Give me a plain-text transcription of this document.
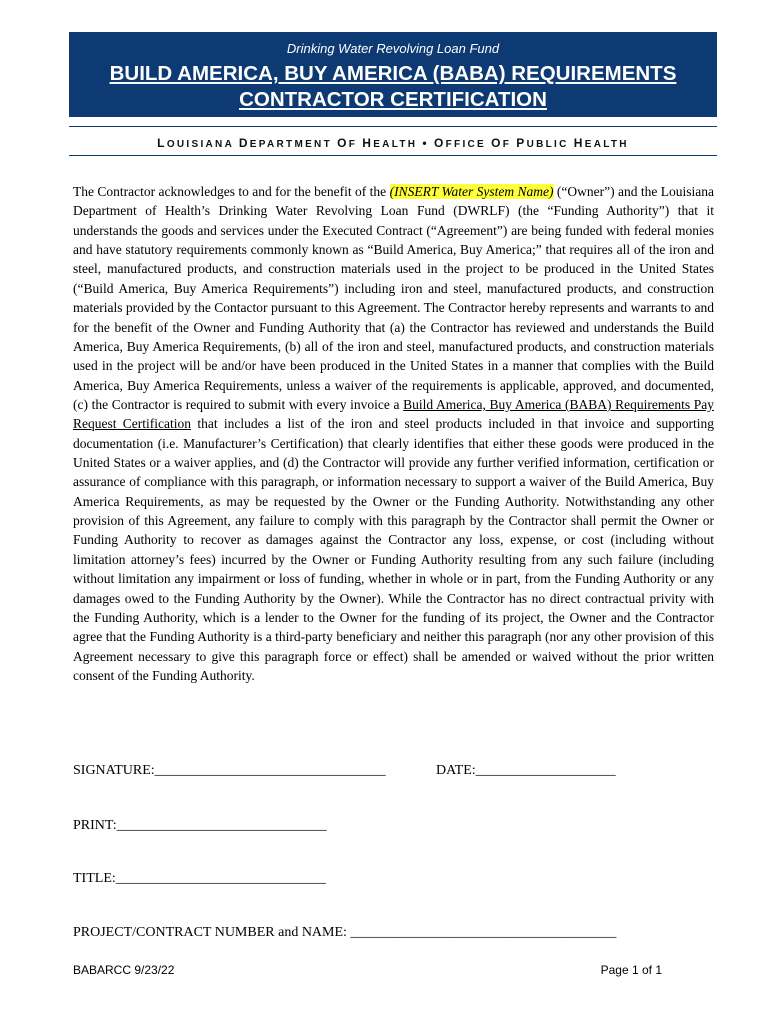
Drinking Water Revolving Loan Fund
BUILD AMERICA, BUY AMERICA (BABA) REQUIREMENTS
CONTRACTOR CERTIFICATION
LOUISIANA DEPARTMENT OF HEALTH • OFFICE OF PUBLIC HEALTH
The Contractor acknowledges to and for the benefit of the (INSERT Water System Name) (“Owner”) and the Louisiana Department of Health’s Drinking Water Revolving Loan Fund (DWRLF) (the “Funding Authority”) that it understands the goods and services under the Executed Contract (“Agreement”) are being funded with federal monies and have statutory requirements commonly known as “Build America, Buy America;” that requires all of the iron and steel, manufactured products, and construction materials used in the project to be produced in the United States (“Build America, Buy America Requirements”) including iron and steel, manufactured products, and construction materials provided by the Contactor pursuant to this Agreement. The Contractor hereby represents and warrants to and for the benefit of the Owner and Funding Authority that (a) the Contractor has reviewed and understands the Build America, Buy America Requirements, (b) all of the iron and steel, manufactured products, and construction materials used in the project will be and/or have been produced in the United States in a manner that complies with the Build America, Buy America Requirements, unless a waiver of the requirements is applicable, approved, and documented, (c) the Contractor is required to submit with every invoice a Build America, Buy America (BABA) Requirements Pay Request Certification that includes a list of the iron and steel products included in that invoice and supporting documentation (i.e. Manufacturer’s Certification) that clearly identifies that either these goods were produced in the United States or a waiver applies, and (d) the Contractor will provide any further verified information, certification or assurance of compliance with this paragraph, or information necessary to support a waiver of the Build America, Buy America Requirements, as may be requested by the Owner or the Funding Authority. Notwithstanding any other provision of this Agreement, any failure to comply with this paragraph by the Contractor shall permit the Owner or Funding Authority to recover as damages against the Contractor any loss, expense, or cost (including without limitation attorney’s fees) incurred by the Owner or Funding Authority resulting from any such failure (including without limitation any impairment or loss of funding, whether in whole or in part, from the Funding Authority or any damages owed to the Funding Authority by the Owner). While the Contractor has no direct contractual privity with the Funding Authority, which is a lender to the Owner for the funding of its project, the Owner and the Contractor agree that the Funding Authority is a third-party beneficiary and neither this paragraph (nor any other provision of this Agreement necessary to give this paragraph force or effect) shall be amended or waived without the prior written consent of the Funding Authority.
SIGNATURE:_________________________________	DATE:____________________
PRINT:______________________________
TITLE:______________________________
PROJECT/CONTRACT NUMBER and NAME: ______________________________________
BABARCC 9/23/22	Page 1 of 1
